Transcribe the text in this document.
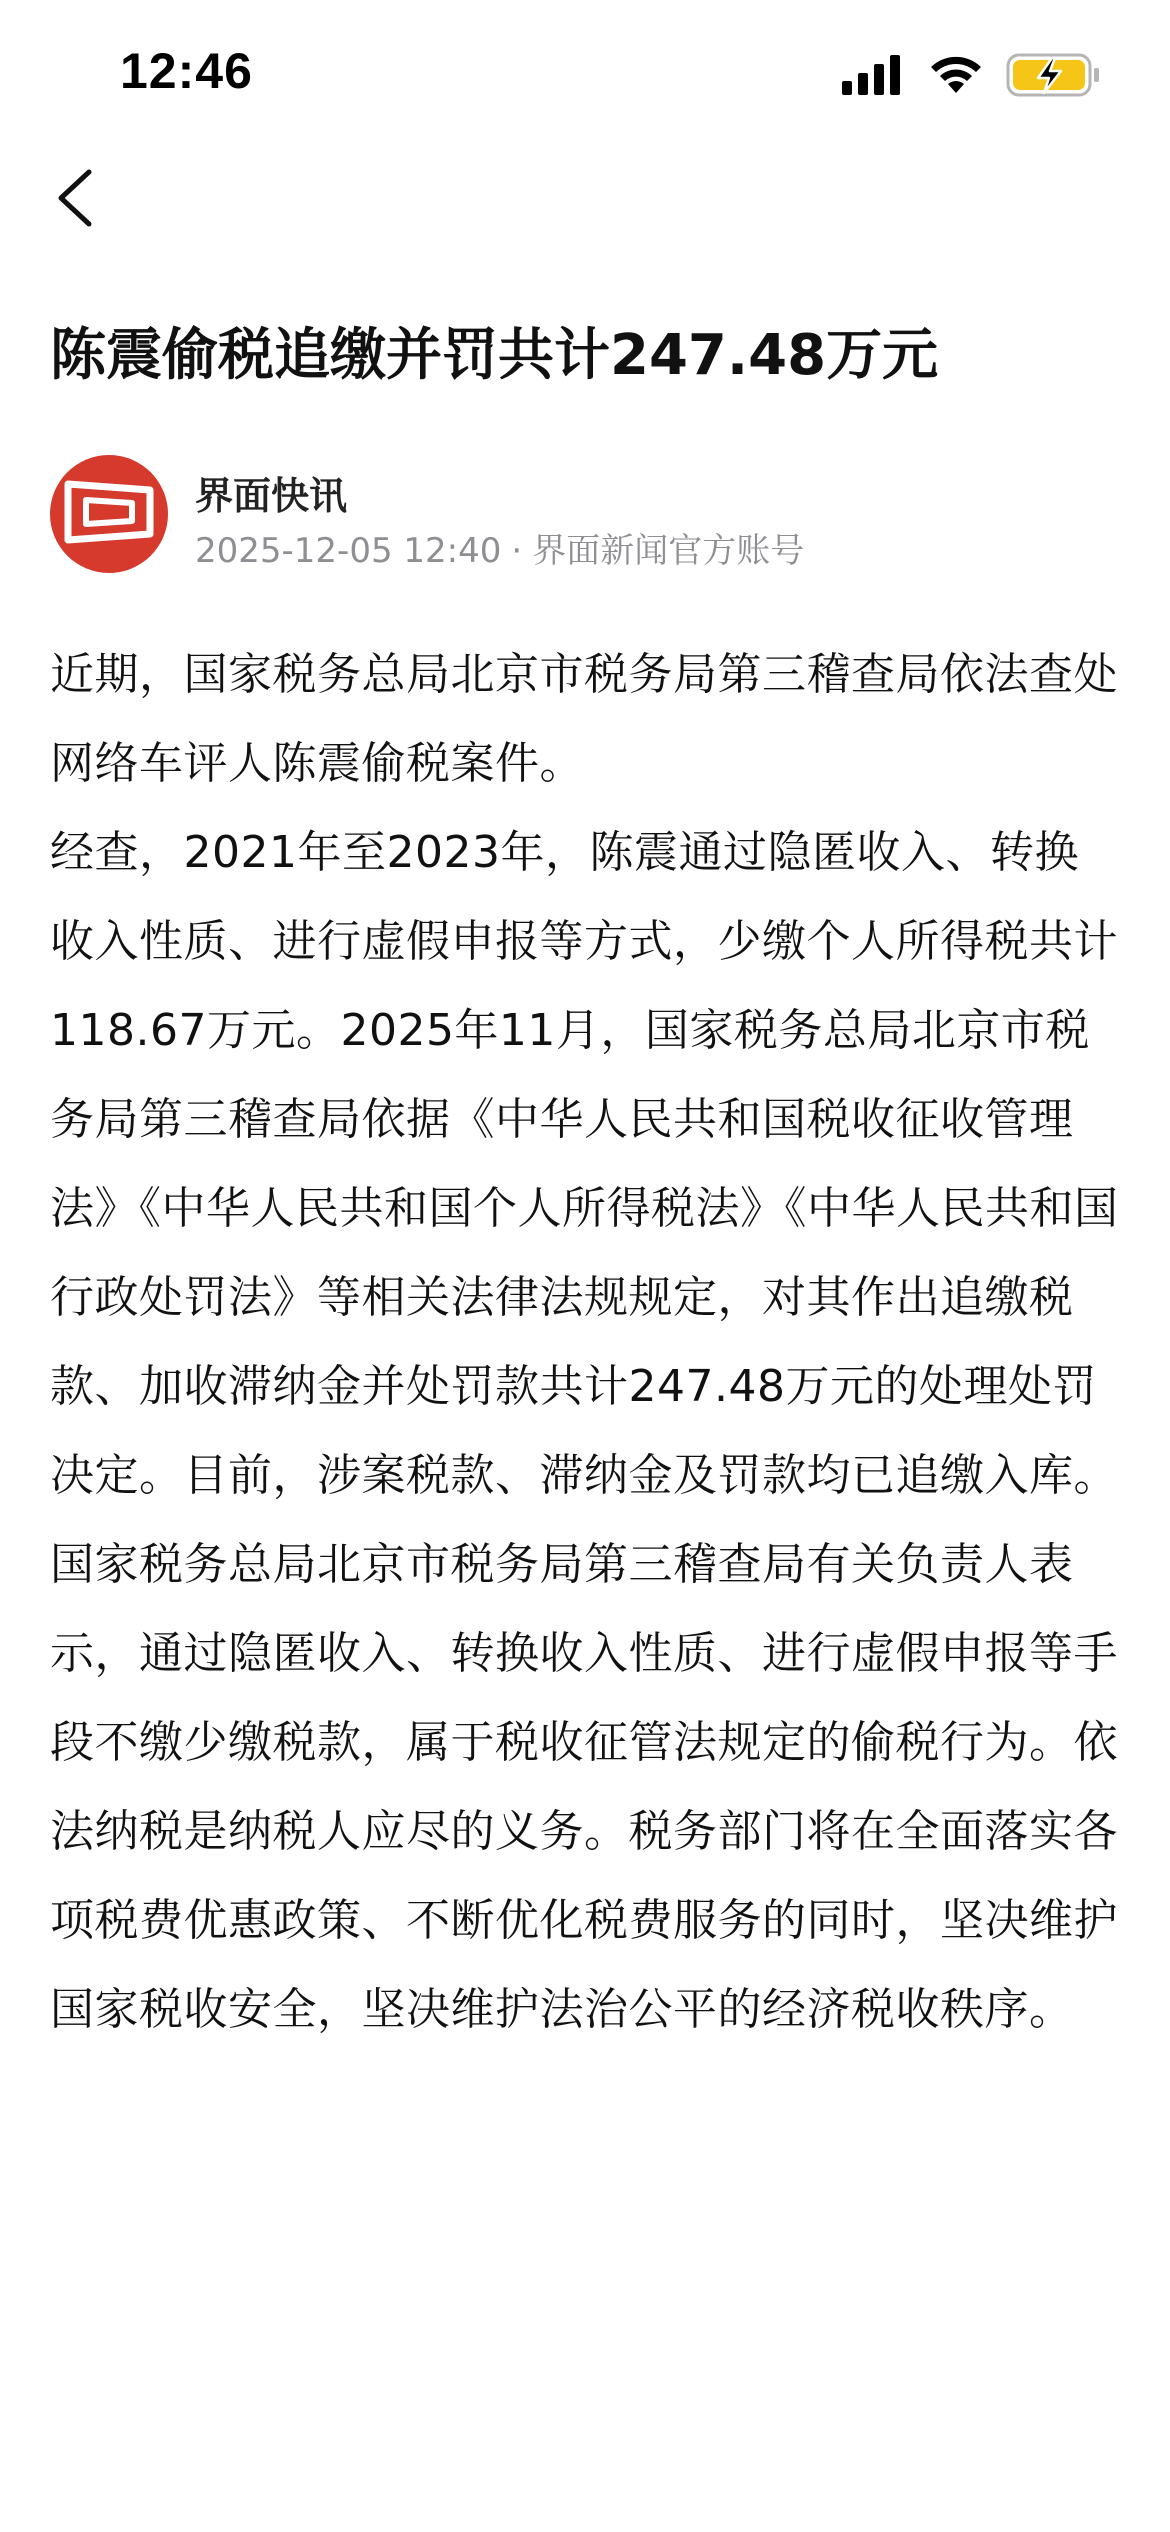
12:46
陈震偷税追缴并罚共计247.48万元
界面快讯
2025-12-05 12:40 · 界面新闻官方账号

近期，国家税务总局北京市税务局第三稽查局依法查处网络车评人陈震偷税案件。

经查，2021年至2023年，陈震通过隐匿收入、转换收入性质、进行虚假申报等方式，少缴个人所得税共计118.67万元。2025年11月，国家税务总局北京市税务局第三稽查局依据《中华人民共和国税收征收管理法》《中华人民共和国个人所得税法》《中华人民共和国行政处罚法》等相关法律法规规定，对其作出追缴税款、加收滞纳金并处罚款共计247.48万元的处理处罚决定。目前，涉案税款、滞纳金及罚款均已追缴入库。

国家税务总局北京市税务局第三稽查局有关负责人表示，通过隐匿收入、转换收入性质、进行虚假申报等手段不缴少缴税款，属于税收征管法规定的偷税行为。依法纳税是纳税人应尽的义务。税务部门将在全面落实各项税费优惠政策、不断优化税费服务的同时，坚决维护国家税收安全，坚决维护法治公平的经济税收秩序。
